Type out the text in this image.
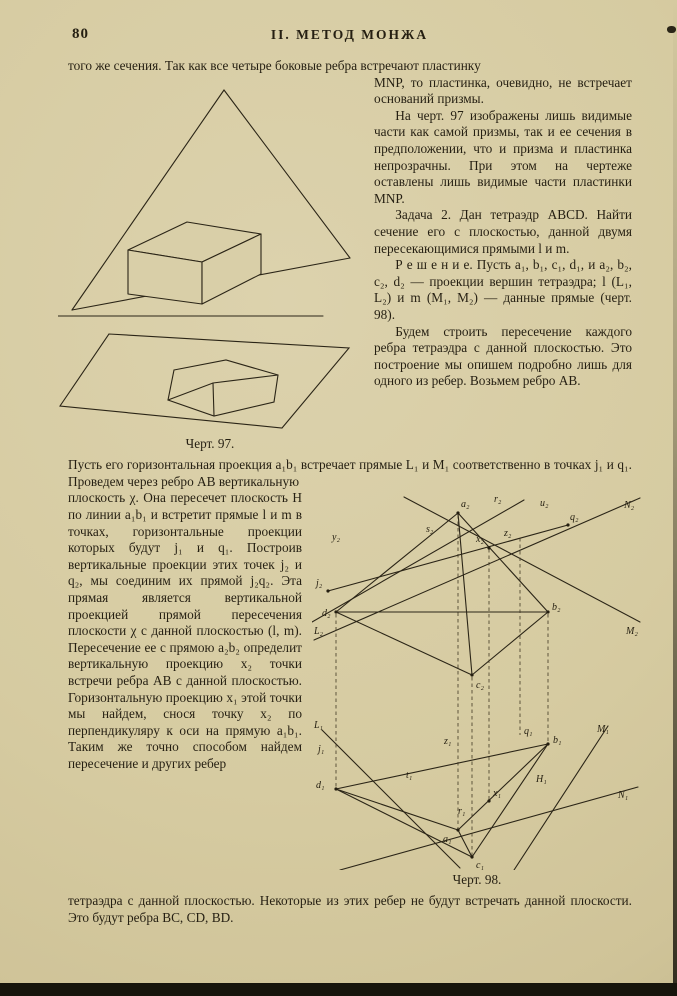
80	II. МЕТОД МОНЖА

того же сечения. Так как все четыре боковые ребра встречают пластинку

Черт. 97.

MNP, то пластинка, очевидно, не встречает оснований призмы.

На черт. 97 изображены лишь видимые части как самой призмы, так и ее сечения в предположении, что и призма и пластинка непрозрачны. При этом на чертеже оставлены лишь видимые части пластинки MNP.

Задача 2. Дан тетраэдр ABCD. Найти сечение его с плоскостью, данной двумя пересекающимися прямыми l и m.

Р е ш е н и е. Пусть a₁, b₁, c₁, d₁, и a₂, b₂, c₂, d₂ — проекции вершин тетраэдра; l (L₁, L₂) и m (M₁, M₂) — данные прямые (черт. 98).

Будем строить пересечение каждого ребра тетраэдра с данной плоскостью. Это построение мы опишем подробно лишь для одного из ребер. Возьмем ребро AB.

Пусть его горизонтальная проекция a₁b₁ встречает прямые L₁ и M₁ соответственно в точках j₁ и q₁. Проведем через ребро AB вертикальную

N₂
M₂
L₂
q₂
j₂
y₂
s₂
x₂
z₂
u₂
r₂
a₂
d₂
b₂
c₂
L₁	M₁
N₁
j₁
q₁
z₁
x₁
t₁
r₁
H₁
a₁
d₁
b₁
c₁
Черт. 98.

плоскость χ. Она пересечет плоскость H по линии a₁b₁ и встретит прямые l и m в точках, горизонтальные проекции которых будут j₁ и q₁. Построив вертикальные проекции этих точек j₂ и q₂, мы соединим их прямой j₂q₂. Эта прямая является вертикальной проекцией прямой пересечения плоскости χ с данной плоскостью (l, m). Пересечение ее с прямою a₂b₂ определит вертикальную проекцию x₂ точки встречи ребра AB с данной плоскостью. Горизонтальную проекцию x₁ этой точки мы найдем, снося точку x₂ по перпендикуляру к оси на прямую a₁b₁. Таким же точно способом найдем пересечение и других ребер

тетраэдра с данной плоскостью. Некоторые из этих ребер не будут встречать данной плоскости. Это будут ребра BC, CD, BD.
